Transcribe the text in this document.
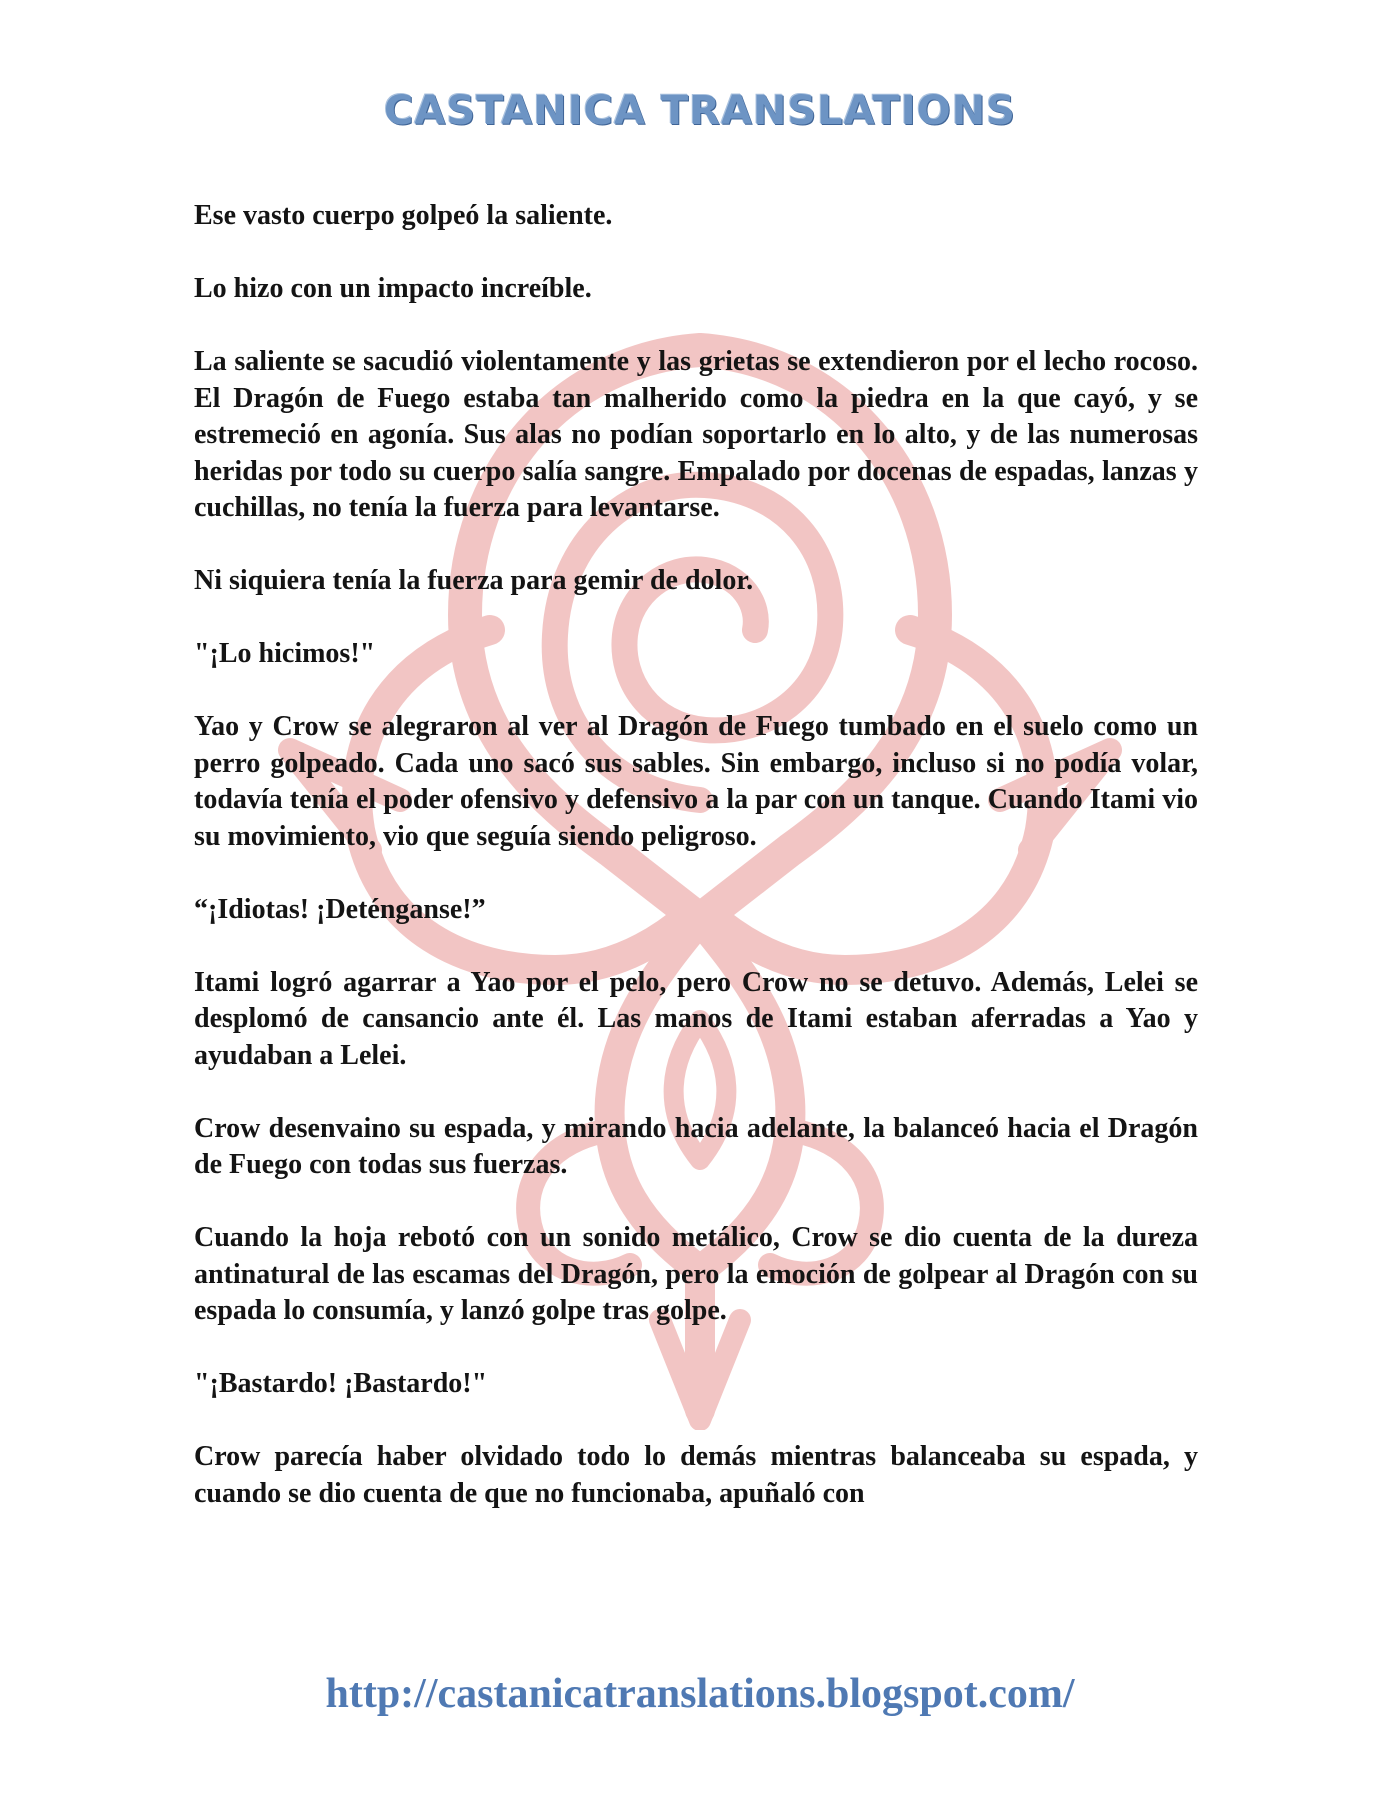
CASTANICA TRANSLATIONS

Ese vasto cuerpo golpeó la saliente.

Lo hizo con un impacto increíble.

La saliente se sacudió violentamente y las grietas se extendieron por el lecho rocoso. El Dragón de Fuego estaba tan malherido como la piedra en la que cayó, y se estremeció en agonía. Sus alas no podían soportarlo en lo alto, y de las numerosas heridas por todo su cuerpo salía sangre. Empalado por docenas de espadas, lanzas y cuchillas, no tenía la fuerza para levantarse.

Ni siquiera tenía la fuerza para gemir de dolor.

"¡Lo hicimos!"

Yao y Crow se alegraron al ver al Dragón de Fuego tumbado en el suelo como un perro golpeado. Cada uno sacó sus sables. Sin embargo, incluso si no podía volar, todavía tenía el poder ofensivo y defensivo a la par con un tanque. Cuando Itami vio su movimiento, vio que seguía siendo peligroso.

“¡Idiotas! ¡Deténganse!”

Itami logró agarrar a Yao por el pelo, pero Crow no se detuvo. Además, Lelei se desplomó de cansancio ante él. Las manos de Itami estaban aferradas a Yao y ayudaban a Lelei.

Crow desenvaino su espada, y mirando hacia adelante, la balanceó hacia el Dragón de Fuego con todas sus fuerzas.

Cuando la hoja rebotó con un sonido metálico, Crow se dio cuenta de la dureza antinatural de las escamas del Dragón, pero la emoción de golpear al Dragón con su espada lo consumía, y lanzó golpe tras golpe.

"¡Bastardo! ¡Bastardo!"

Crow parecía haber olvidado todo lo demás mientras balanceaba su espada, y cuando se dio cuenta de que no funcionaba, apuñaló con

http://castanicatranslations.blogspot.com/
